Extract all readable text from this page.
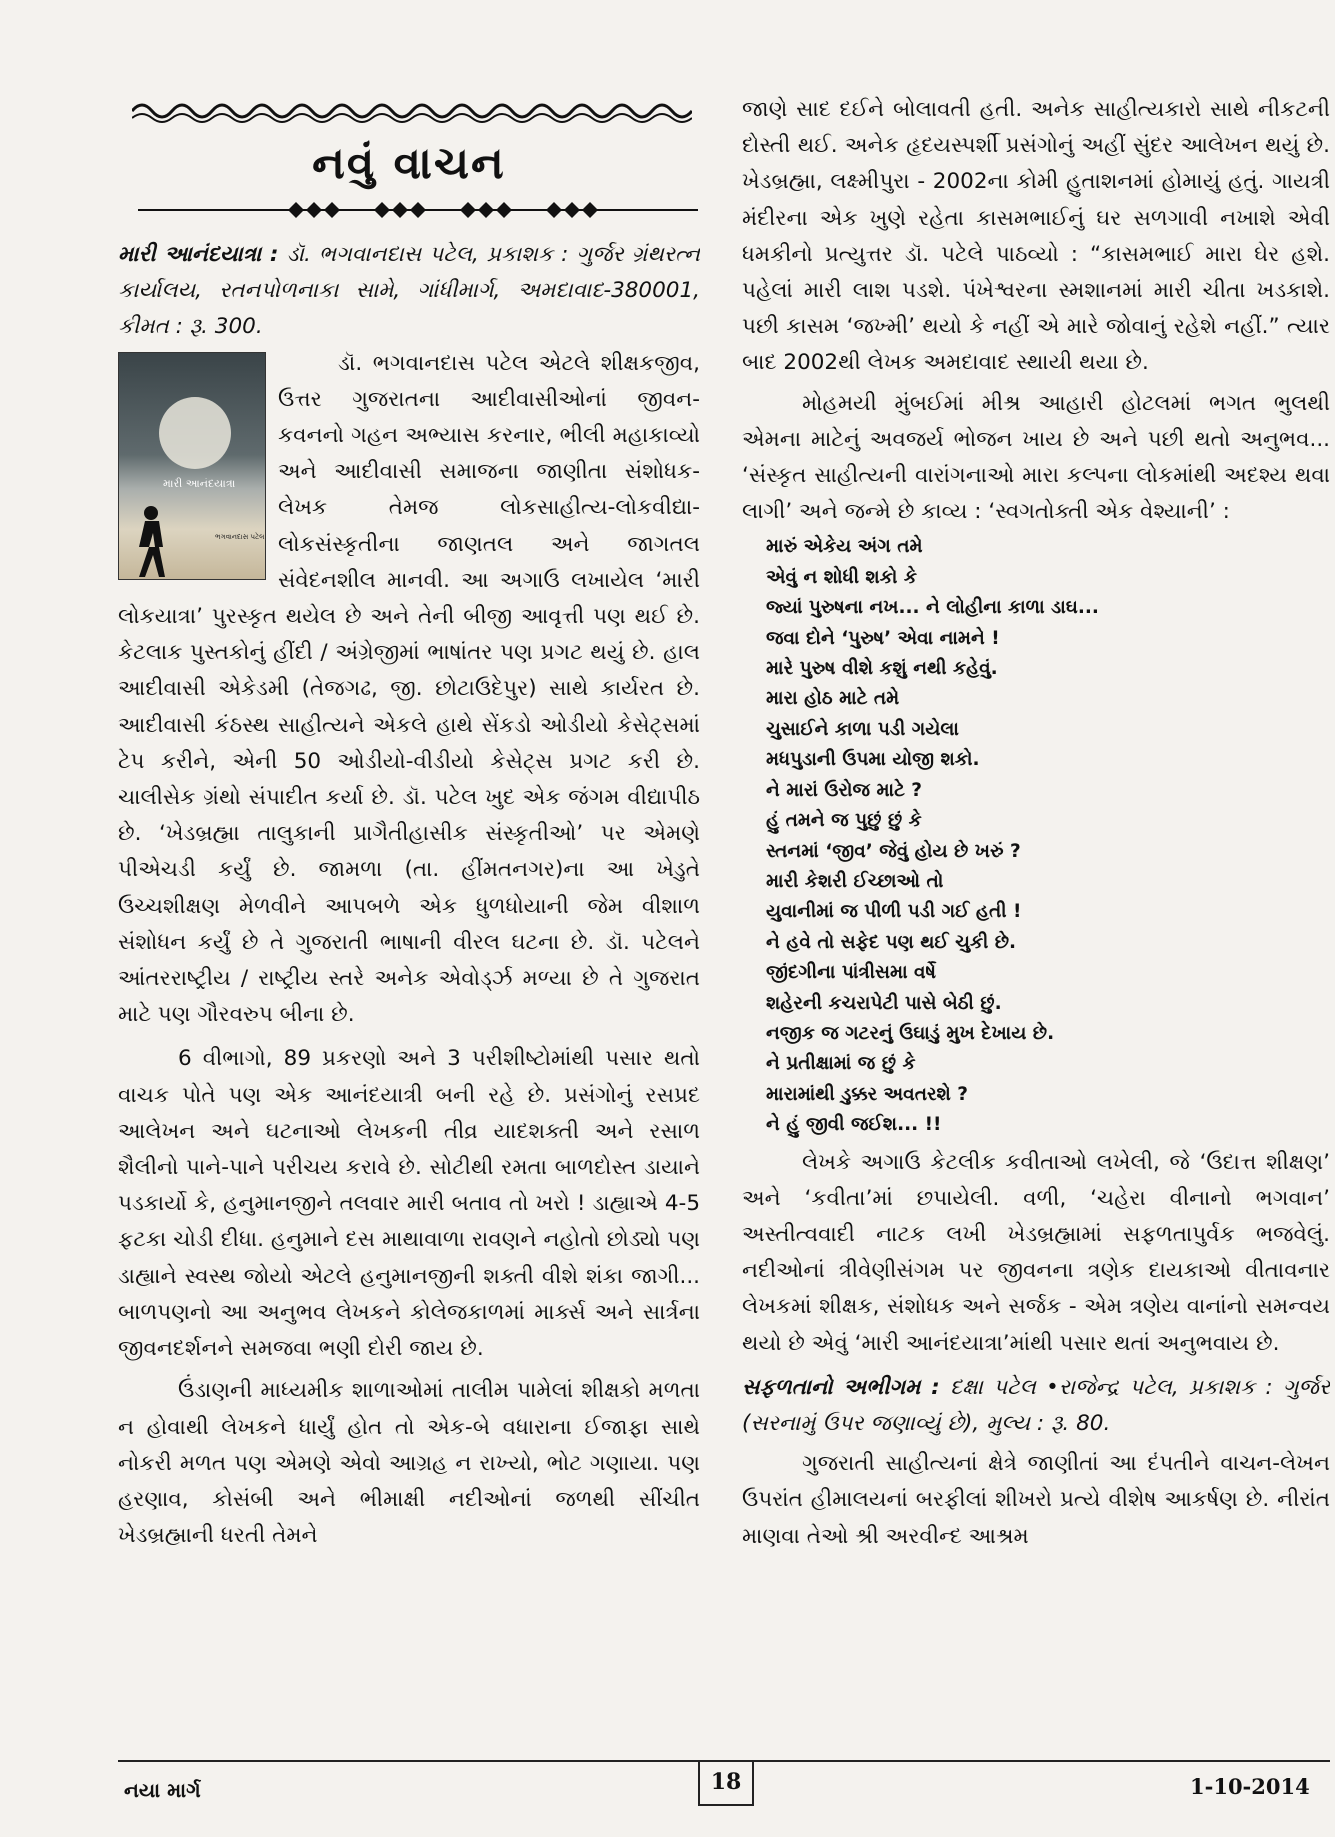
નવું વાચન
મારી આનંદયાત્રા : ડૉ. ભગવાનદાસ પટેલ, પ્રકાશક : ગુર્જર ગ્રંથરત્ન કાર્યાલય, રતનપોળનાકા સામે, ગાંધીમાર્ગ, અમદાવાદ-380001, કીમત : રૂ. 300.
મારી આનંદયાત્રા
ભગવાનદાસ પટેલ

ડૉ. ભગવાનદાસ પટેલ એટલે શીક્ષકજીવ, ઉત્તર ગુજરાતના આદીવાસીઓનાં જીવન- કવનનો ગહન અભ્યાસ કરનાર, ભીલી મહાકાવ્યો અને આદીવાસી સમાજના જાણીતા સંશોધક-લેખક તેમજ લોકસાહીત્ય-લોકવીદ્યા-લોકસંસ્કૃતીના જાણતલ અને જાગતલ સંવેદનશીલ માનવી. આ અગાઉ લખાયેલ ‘મારી લોકયાત્રા’ પુરસ્કૃત થયેલ છે અને તેની બીજી આવૃત્તી પણ થઈ છે. કેટલાક પુસ્તકોનું હીંદી / અંગ્રેજીમાં ભાષાંતર પણ પ્રગટ થયું છે. હાલ આદીવાસી એકેડમી (તેજગઢ, જી. છોટાઉદેપુર) સાથે કાર્યરત છે. આદીવાસી કંઠસ્થ સાહીત્યને એકલે હાથે સેંકડો ઓડીયો કેસેટ્સમાં ટેપ કરીને, એની 50 ઓડીયો-વીડીયો કેસેટ્સ પ્રગટ કરી છે. ચાલીસેક ગ્રંથો સંપાદીત કર્યા છે. ડૉ. પટેલ ખુદ એક જંગમ વીદ્યાપીઠ છે. ‘ખેડબ્રહ્મા તાલુકાની પ્રાગૈતીહાસીક સંસ્કૃતીઓ’ પર એમણે પીએચડી કર્યું છે. જામળા (તા. હીંમતનગર)ના આ ખેડુતે ઉચ્ચશીક્ષણ મેળવીને આપબળે એક ધુળધોયાની જેમ વીશાળ સંશોધન કર્યું છે તે ગુજરાતી ભાષાની વીરલ ઘટના છે. ડૉ. પટેલને આંતરરાષ્ટ્રીય / રાષ્ટ્રીય સ્તરે અનેક એવોર્ડ્ઝ મળ્યા છે તે ગુજરાત માટે પણ ગૌરવરુપ બીના છે.

6 વીભાગો, 89 પ્રકરણો અને 3 પરીશીષ્ટોમાંથી પસાર થતો વાચક પોતે પણ એક આનંદયાત્રી બની રહે છે. પ્રસંગોનું રસપ્રદ આલેખન અને ઘટનાઓ લેખકની તીવ્ર યાદશક્તી અને રસાળ શૈલીનો પાને-પાને પરીચય કરાવે છે. સોટીથી રમતા બાળદોસ્ત ડાયાને પડકાર્યો કે, હનુમાનજીને તલવાર મારી બતાવ તો ખરો ! ડાહ્યાએ 4-5 ફટકા ચોડી દીધા. હનુમાને દસ માથાવાળા રાવણને નહોતો છોડ્યો પણ ડાહ્યાને સ્વસ્થ જોયો એટલે હનુમાનજીની શક્તી વીશે શંકા જાગી... બાળપણનો આ અનુભવ લેખકને કોલેજકાળમાં માર્ક્સ અને સાર્ત્રના જીવનદર્શનને સમજવા ભણી દોરી જાય છે.

ઉંડાણની માધ્યમીક શાળાઓમાં તાલીમ પામેલાં શીક્ષકો મળતા ન હોવાથી લેખકને ધાર્યું હોત તો એક-બે વધારાના ઈજાફા સાથે નોકરી મળત પણ એમણે એવો આગ્રહ ન રાખ્યો, ભોટ ગણાયા. પણ હરણાવ, કોસંબી અને ભીમાક્ષી નદીઓનાં જળથી સીંચીત ખેડબ્રહ્માની ધરતી તેમને

જાણે સાદ દઈને બોલાવતી હતી. અનેક સાહીત્યકારો સાથે નીકટની દોસ્તી થઈ. અનેક હૃદયસ્પર્શી પ્રસંગોનું અહીં સુંદર આલેખન થયું છે. ખેડબ્રહ્મા, લક્ષ્મીપુરા - 2002ના કોમી હુતાશનમાં હોમાયું હતું. ગાયત્રી મંદીરના એક ખુણે રહેતા કાસમભાઈનું ઘર સળગાવી નખાશે એવી ધમકીનો પ્રત્યુત્તર ડૉ. પટેલે પાઠવ્યો : “કાસમભાઈ મારા ઘેર હશે. પહેલાં મારી લાશ પડશે. પંખેશ્વરના સ્મશાનમાં મારી ચીતા ખડકાશે. પછી કાસમ ‘જખ્મી’ થયો કે નહીં એ મારે જોવાનું રહેશે નહીં.” ત્યાર બાદ 2002થી લેખક અમદાવાદ સ્થાયી થયા છે.

મોહમયી મુંબઈમાં મીશ્ર આહારી હોટલમાં ભગત ભુલથી એમના માટેનું અવજર્ય ભોજન ખાય છે અને પછી થતો અનુભવ... ‘સંસ્કૃત સાહીત્યની વારાંગનાઓ મારા કલ્પના લોકમાંથી અદશ્ય થવા લાગી’ અને જન્મે છે કાવ્ય : ‘સ્વગતોક્તી એક વેશ્યાની’ :

મારું એકેય અંગ તમે
એવું ન શોધી શકો કે
જ્યાં પુરુષના નખ... ને લોહીના કાળા ડાઘ...
જવા દોને ‘પુરુષ’ એવા નામને !
મારે પુરુષ વીશે કશું નથી કહેવું.
મારા હોઠ માટે તમે
ચુસાઈને કાળા પડી ગયેલા
મધપુડાની ઉપમા યોજી શકો.
ને મારાં ઉરોજ માટે ?
હું તમને જ પુછું છું કે
સ્તનમાં ‘જીવ’ જેવું હોય છે ખરું ?
મારી કેશરી ઈચ્છાઓ તો
યુવાનીમાં જ પીળી પડી ગઈ હતી !
ને હવે તો સફેદ પણ થઈ ચુકી છે.
જીંદગીના પાંત્રીસમા વર્ષે
શહેરની કચરાપેટી પાસે બેઠી છું.
નજીક જ ગટરનું ઉઘાડું મુખ દેખાય છે.
ને પ્રતીક્ષામાં જ છું કે
મારામાંથી ડુક્કર અવતરશે ?
ને હું જીવી જઈશ... !!

લેખકે અગાઉ કેટલીક કવીતાઓ લખેલી, જે ‘ઉદાત્ત શીક્ષણ’ અને ‘કવીતા’માં છપાયેલી. વળી, ‘ચહેરા વીનાનો ભગવાન’ અસ્તીત્વવાદી નાટક લખી ખેડબ્રહ્મામાં સફળતાપુર્વક ભજવેલું. નદીઓનાં ત્રીવેણીસંગમ પર જીવનના ત્રણેક દાયકાઓ વીતાવનાર લેખકમાં શીક્ષક, સંશોધક અને સર્જક - એમ ત્રણેય વાનાંનો સમન્વય થયો છે એવું ‘મારી આનંદયાત્રા’માંથી પસાર થતાં અનુભવાય છે.

સફળતાનો અભીગમ : દક્ષા પટેલ •રાજેન્દ્ર પટેલ, પ્રકાશક : ગુર્જર (સરનામું ઉપર જણાવ્યું છે), મુલ્ય : રૂ. 80.

ગુજરાતી સાહીત્યનાં ક્ષેત્રે જાણીતાં આ દંપતીને વાચન-લેખન ઉપરાંત હીમાલયનાં બરફીલાં શીખરો પ્રત્યે વીશેષ આકર્ષણ છે. નીરાંત માણવા તેઓ શ્રી અરવીન્દ આશ્રમ

નયા માર્ગ	18	1-10-2014
